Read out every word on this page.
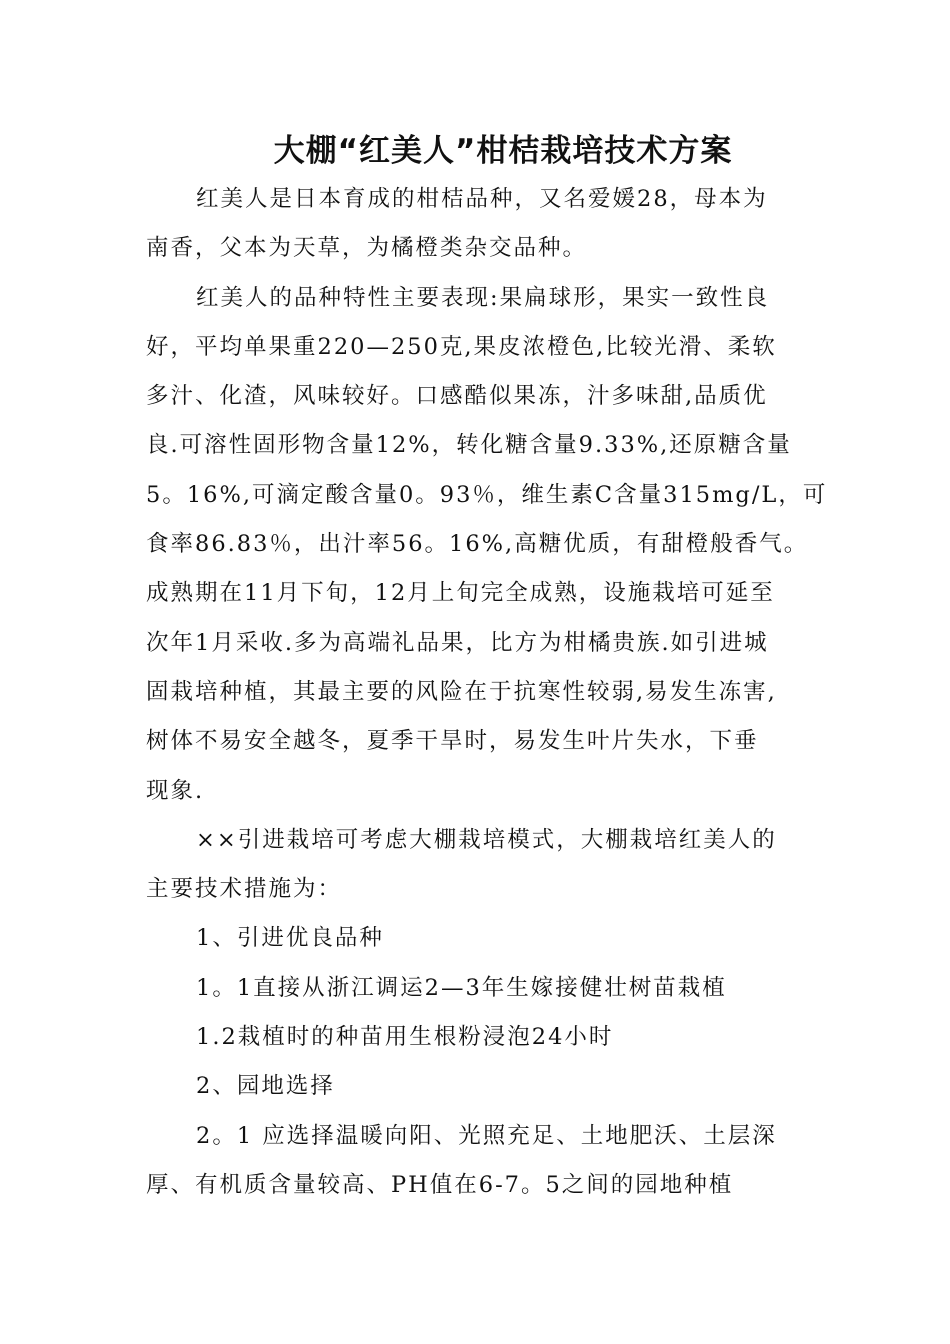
大棚“红美人”柑桔栽培技术方案
红美人是日本育成的柑桔品种，又名爱媛28，母本为
南香，父本为天草，为橘橙类杂交品种。
红美人的品种特性主要表现:果扁球形，果实一致性良
好，平均单果重220—250克,果皮浓橙色,比较光滑、柔软
多汁、化渣，风味较好。口感酷似果冻，汁多味甜,品质优
良.可溶性固形物含量12%，转化糖含量9.33%,还原糖含量
5。16%,可滴定酸含量0。93％，维生素C含量315mg/L，可
食率86.83％，出汁率56。16%,高糖优质，有甜橙般香气。
成熟期在11月下旬，12月上旬完全成熟，设施栽培可延至
次年1月采收.多为高端礼品果，比方为柑橘贵族.如引进城
固栽培种植，其最主要的风险在于抗寒性较弱,易发生冻害,
树体不易安全越冬，夏季干旱时，易发生叶片失水，下垂
现象.
××引进栽培可考虑大棚栽培模式，大棚栽培红美人的
主要技术措施为：
1、引进优良品种
1。1直接从浙江调运2—3年生嫁接健壮树苗栽植
1.2栽植时的种苗用生根粉浸泡24小时
2、园地选择
2。1 应选择温暖向阳、光照充足、土地肥沃、土层深
厚、有机质含量较高、PH值在6-7。5之间的园地种植
